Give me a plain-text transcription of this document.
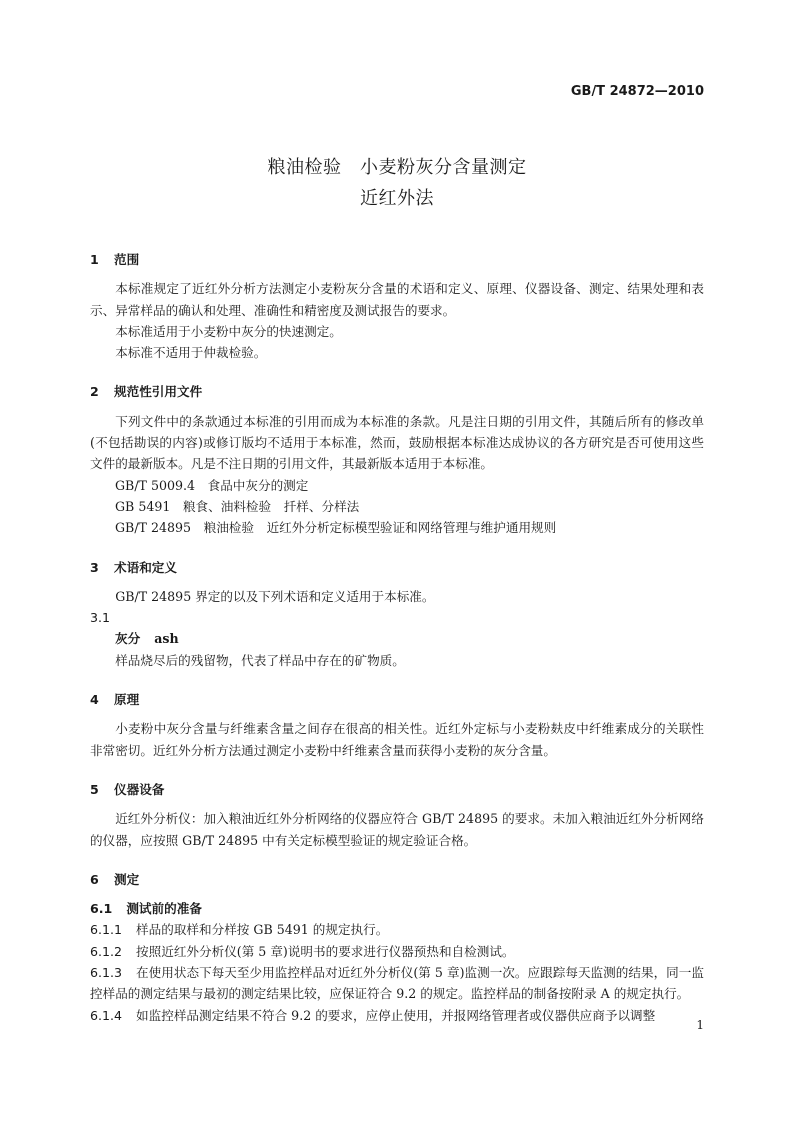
GB/T 24872—2010
粮油检验　小麦粉灰分含量测定
近红外法
1 范围

本标准规定了近红外分析方法测定小麦粉灰分含量的术语和定义、原理、仪器设备、测定、结果处理和表示、异常样品的确认和处理、准确性和精密度及测试报告的要求。

本标准适用于小麦粉中灰分的快速测定。

本标准不适用于仲裁检验。

2 规范性引用文件

下列文件中的条款通过本标准的引用而成为本标准的条款。凡是注日期的引用文件，其随后所有的修改单(不包括勘误的内容)或修订版均不适用于本标准，然而，鼓励根据本标准达成协议的各方研究是否可使用这些文件的最新版本。凡是不注日期的引用文件，其最新版本适用于本标准。

GB/T 5009.4　食品中灰分的测定

GB 5491　粮食、油料检验　扦样、分样法

GB/T 24895　粮油检验　近红外分析定标模型验证和网络管理与维护通用规则

3 术语和定义

GB/T 24895 界定的以及下列术语和定义适用于本标准。

3.1

灰分 ash

样品烧尽后的残留物，代表了样品中存在的矿物质。

4 原理

小麦粉中灰分含量与纤维素含量之间存在很高的相关性。近红外定标与小麦粉麸皮中纤维素成分的关联性非常密切。近红外分析方法通过测定小麦粉中纤维素含量而获得小麦粉的灰分含量。

5 仪器设备

近红外分析仪：加入粮油近红外分析网络的仪器应符合 GB/T 24895 的要求。未加入粮油近红外分析网络的仪器，应按照 GB/T 24895 中有关定标模型验证的规定验证合格。

6 测定

6.1 测试前的准备

6.1.1 样品的取样和分样按 GB 5491 的规定执行。

6.1.2 按照近红外分析仪(第 5 章)说明书的要求进行仪器预热和自检测试。

6.1.3 在使用状态下每天至少用监控样品对近红外分析仪(第 5 章)监测一次。应跟踪每天监测的结果，同一监控样品的测定结果与最初的测定结果比较，应保证符合 9.2 的规定。监控样品的制备按附录 A 的规定执行。

6.1.4 如监控样品测定结果不符合 9.2 的要求，应停止使用，并报网络管理者或仪器供应商予以调整

1
